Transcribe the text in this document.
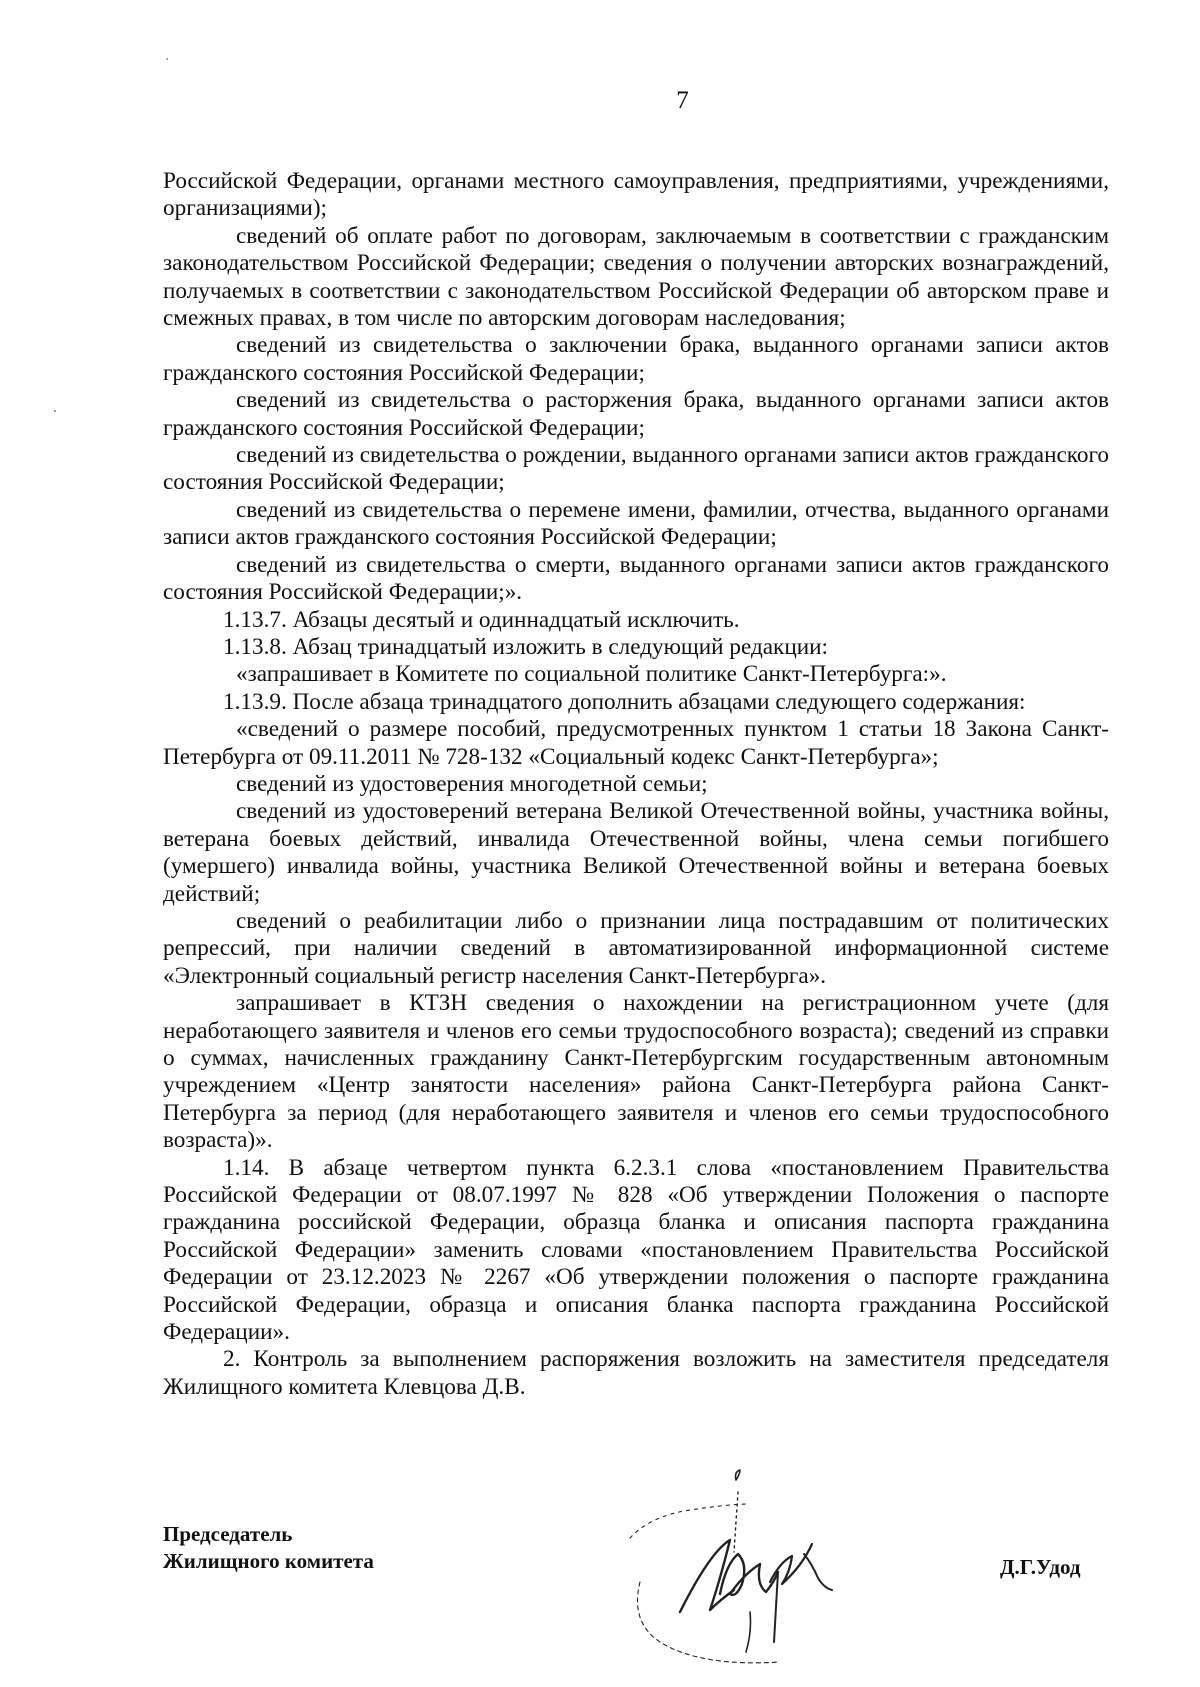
7

Российской Федерации, органами местного самоуправления, предприятиями, учреждениями, организациями);

сведений об оплате работ по договорам, заключаемым в соответствии с гражданским законодательством Российской Федерации; сведения о получении авторских вознаграждений, получаемых в соответствии с законодательством Российской Федерации об авторском праве и смежных правах, в том числе по авторским договорам наследования;

сведений из свидетельства о заключении брака, выданного органами записи актов гражданского состояния Российской Федерации;

сведений из свидетельства о расторжения брака, выданного органами записи актов гражданского состояния Российской Федерации;

сведений из свидетельства о рождении, выданного органами записи актов гражданского состояния Российской Федерации;

сведений из свидетельства о перемене имени, фамилии, отчества, выданного органами записи актов гражданского состояния Российской Федерации;

сведений из свидетельства о смерти, выданного органами записи актов гражданского состояния Российской Федерации;».

1.13.7. Абзацы десятый и одиннадцатый исключить.

1.13.8. Абзац тринадцатый изложить в следующий редакции:

«запрашивает в Комитете по социальной политике Санкт-Петербурга:».

1.13.9. После абзаца тринадцатого дополнить абзацами следующего содержания:

«сведений о размере пособий, предусмотренных пунктом 1 статьи 18 Закона Санкт-Петербурга от 09.11.2011 № 728-132 «Социальный кодекс Санкт-Петербурга»;

сведений из удостоверения многодетной семьи;

сведений из удостоверений ветерана Великой Отечественной войны, участника войны, ветерана боевых действий, инвалида Отечественной войны, члена семьи погибшего (умершего) инвалида войны, участника Великой Отечественной войны и ветерана боевых действий;

сведений о реабилитации либо о признании лица пострадавшим от политических репрессий, при наличии сведений в автоматизированной информационной системе «Электронный социальный регистр населения Санкт-Петербурга».

запрашивает в КТЗН сведения о нахождении на регистрационном учете (для неработающего заявителя и членов его семьи трудоспособного возраста); сведений из справки о суммах, начисленных гражданину Санкт-Петербургским государственным автономным учреждением «Центр занятости населения» района Санкт-Петербурга района Санкт-Петербурга за период (для неработающего заявителя и членов его семьи трудоспособного возраста)».

1.14. В абзаце четвертом пункта 6.2.3.1 слова «постановлением Правительства Российской Федерации от 08.07.1997 № 828 «Об утверждении Положения о паспорте гражданина российской Федерации, образца бланка и описания паспорта гражданина Российской Федерации» заменить словами «постановлением Правительства Российской Федерации от 23.12.2023 № 2267 «Об утверждении положения о паспорте гражданина Российской Федерации, образца и описания бланка паспорта гражданина Российской Федерации».

2. Контроль за выполнением распоряжения возложить на заместителя председателя Жилищного комитета Клевцова Д.В.

Председатель
Жилищного комитета	Д.Г.Удод
